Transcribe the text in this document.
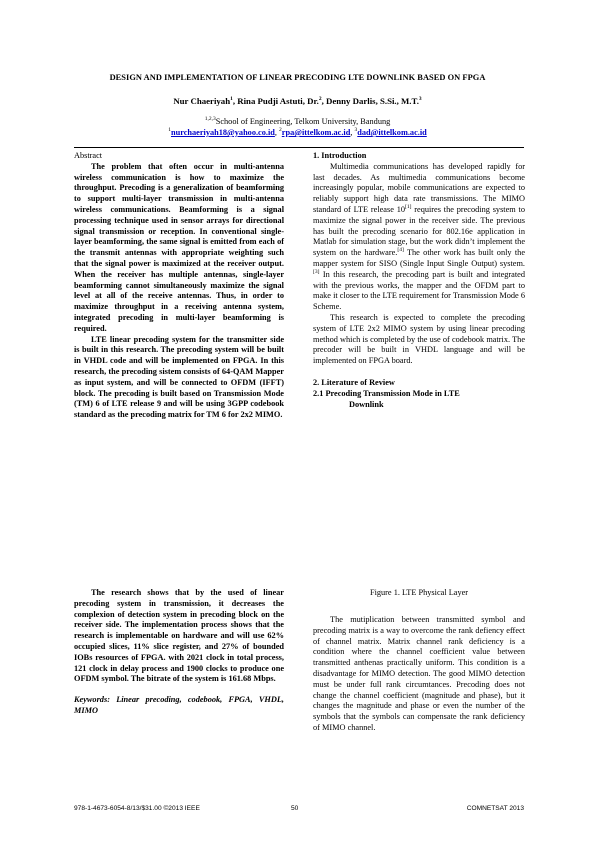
DESIGN AND IMPLEMENTATION OF LINEAR PRECODING LTE DOWNLINK BASED ON FPGA
Nur Chaeriyah$^1$, Rina Pudji Astuti, Dr.$^2$, Denny Darlis, S.Si., M.T.$^3$
$^{1,2,3}$School of Engineering, Telkom University, Bandung
$^1$nurchaeriyah18@yahoo.co.id, $^2$rpa@ittelkom.ac.id, $^3$dad@ittelkom.ac.id
Abstract

The problem that often occur in multi-antenna wireless communication is how to maximize the throughput. Precoding is a generalization of beamforming to support multi-layer transmission in multi-antenna wireless communications. Beamforming is a signal processing technique used in sensor arrays for directional signal transmission or reception. In conventional single-layer beamforming, the same signal is emitted from each of the transmit antennas with appropriate weighting such that the signal power is maximized at the receiver output. When the receiver has multiple antennas, single-layer beamforming cannot simultaneously maximize the signal level at all of the receive antennas. Thus, in order to maximize throughput in a receiving antenna system, integrated precoding in multi-layer beamforming is required.

LTE linear precoding system for the transmitter side is built in this research. The precoding system will be built in VHDL code and will be implemented on FPGA. In this research, the precoding sistem consists of 64-QAM Mapper as input system, and will be connected to OFDM (IFFT) block. The precoding is built based on Transmission Mode (TM) 6 of LTE release 9 and will be using 3GPP codebook standard as the precoding matrix for TM 6 for 2x2 MIMO.

The research shows that by the used of linear precoding system in transmission, it decreases the complexion of detection system in precoding block on the receiver side. The implementation process shows that the research is implementable on hardware and will use 62% occupied slices, 11% slice register, and 27% of bounded IOBs resources of FPGA. with 2021 clock in total process, 121 clock in delay process and 1900 clocks to produce one OFDM symbol. The bitrate of the system is 161.68 Mbps.

Keywords: Linear precoding, codebook, FPGA, VHDL, MIMO

1. Introduction

Multimedia communications has developed rapidly for last decades. As multimedia communications become increasingly popular, mobile communications are expected to reliably support high data rate transmissions. The MIMO standard of LTE release 10[1] requires the precoding system to maximize the signal power in the receiver side. The previous has built the precoding scenario for 802.16e application in Matlab for simulation stage, but the work didn’t implement the system on the hardware.[4] The other work has built only the mapper system for SISO (Single Input Single Output) system.[3] In this research, the precoding part is built and integrated with the previous works, the mapper and the OFDM part to make it closer to the LTE requirement for Transmission Mode 6 Scheme.

This research is expected to complete the precoding system of LTE 2x2 MIMO system by using linear precoding method which is completed by the use of codebook matrix. The precoder will be built in VHDL language and will be implemented on FPGA board.

2. Literature of Review
2.1 Precoding Transmission Mode in LTE
Downlink
Figure 1. LTE Physical Layer

The mutiplication between transmitted symbol and precoding matrix is a way to overcome the rank defiency effect of channel matrix. Matrix channel rank deficiency is a condition where the channel coefficient value between transmitted anthenas practically uniform. This condition is a disadvantage for MIMO detection. The good MIMO detection must be under full rank circumtances. Precoding does not change the channel coefficient (magnitude and phase), but it changes the magnitude and phase or even the number of the symbols that the symbols can compensate the rank deficiency of MIMO channel.

978-1-4673-6054-8/13/$31.00 ©2013 IEEE	50	COMNETSAT 2013
